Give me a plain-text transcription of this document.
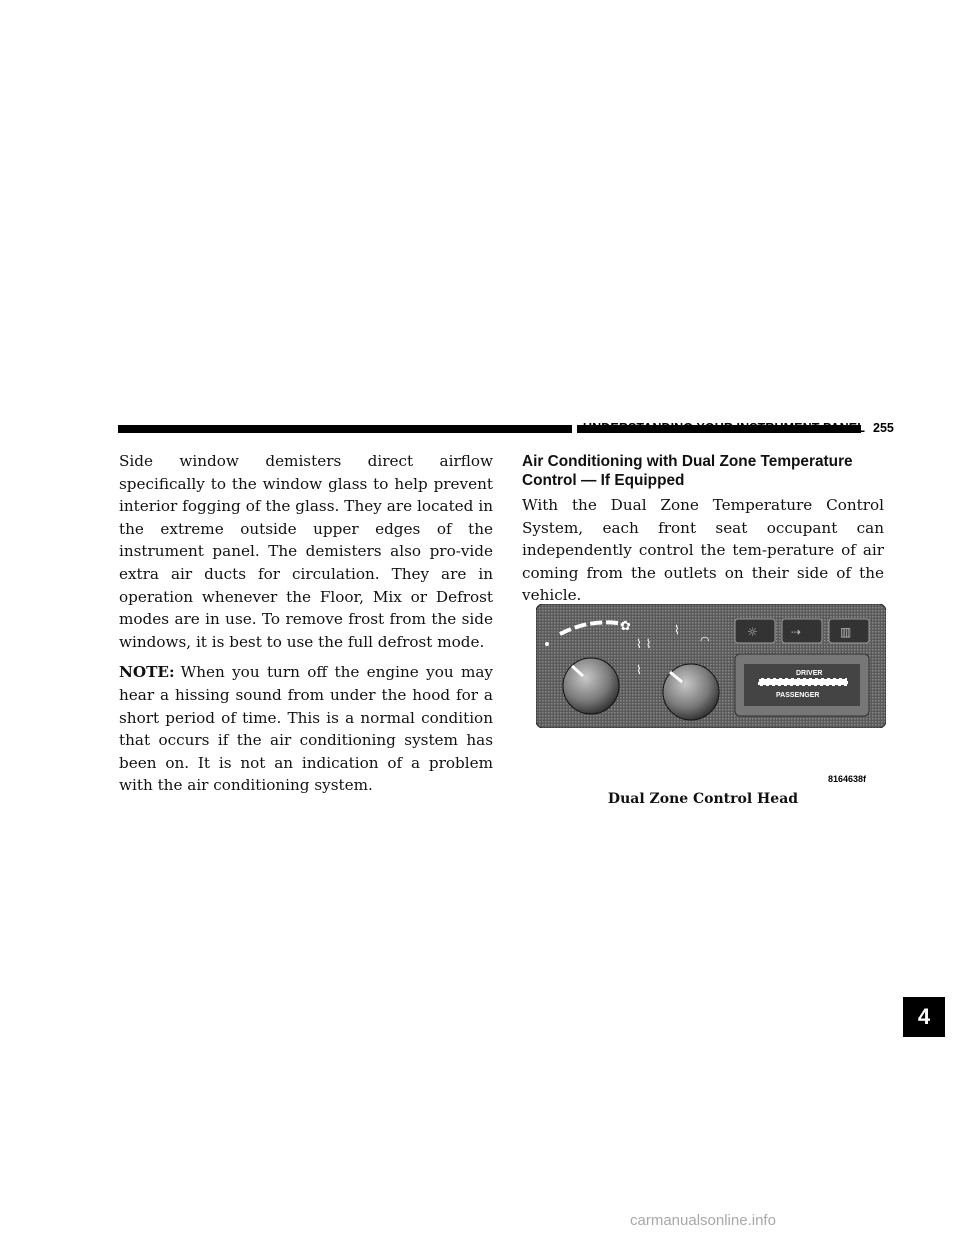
UNDERSTANDING YOUR INSTRUMENT PANEL 255

Side window demisters direct airflow specifically to the window glass to help prevent interior fogging of the glass. They are located in the extreme outside upper edges of the instrument panel. The demisters also pro-vide extra air ducts for circulation. They are in operation whenever the Floor, Mix or Defrost modes are in use. To remove frost from the side windows, it is best to use the full defrost mode.

NOTE: When you turn off the engine you may hear a hissing sound from under the hood for a short period of time. This is a normal condition that occurs if the air conditioning system has been on. It is not an indication of a problem with the air conditioning system.

Air Conditioning with Dual Zone Temperature
Control — If Equipped

With the Dual Zone Temperature Control System, each front seat occupant can independently control the tem-perature of air coming from the outlets on their side of the vehicle.

✿
⌇ ⌇
⌇
⌇
◠
☼	⇢	▥
DRIVER
PASSENGER
8164638f
Dual Zone Control Head
4
carmanualsonline.info
